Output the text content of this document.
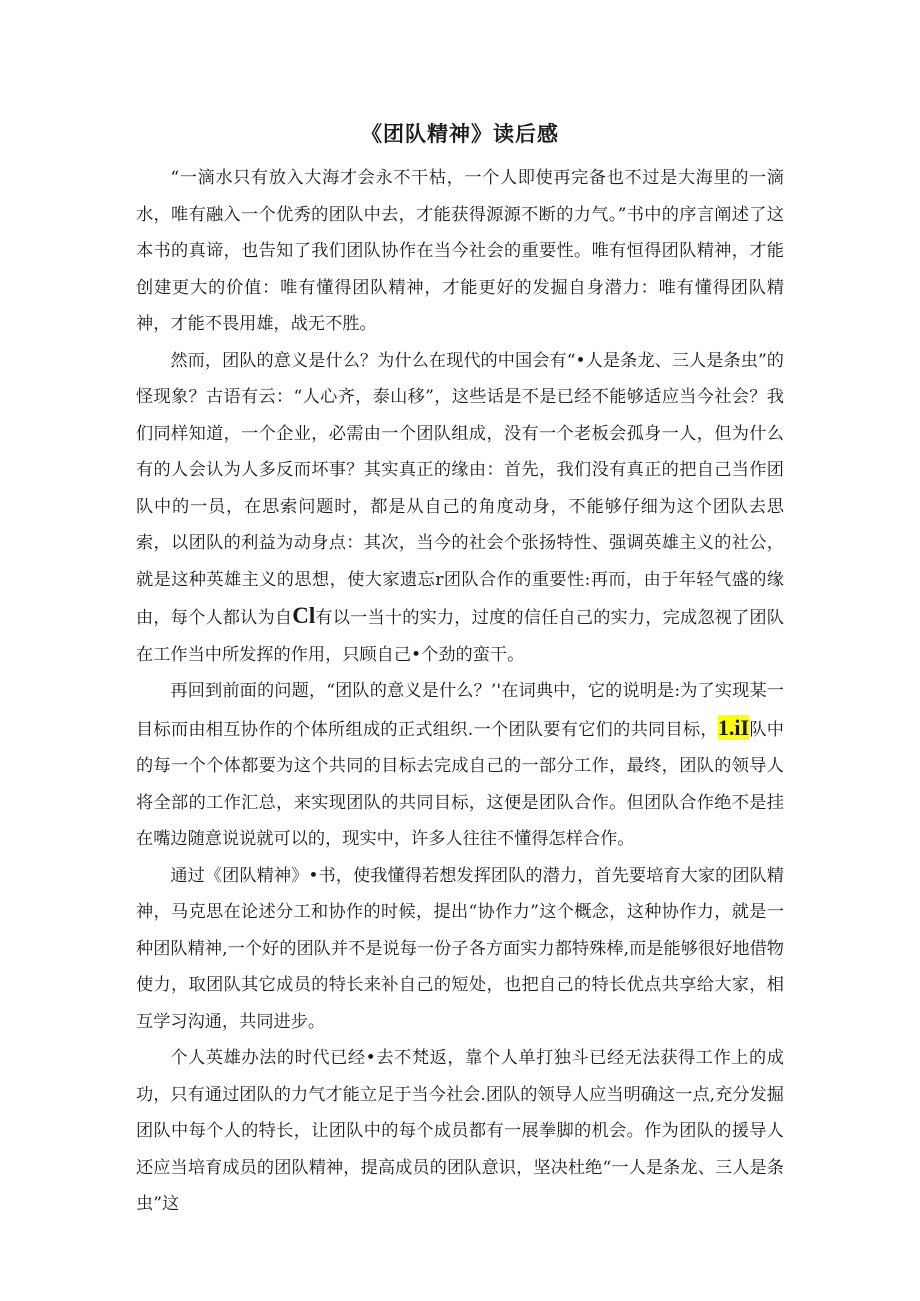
《团队精神》读后感

“一滴水只有放入大海才会永不干枯，一个人即使再完备也不过是大海里的一滴水，唯有融入一个优秀的团队中去，才能获得源源不断的力气。”书中的序言阐述了这本书的真谛，也告知了我们团队协作在当今社会的重要性。唯有恒得团队精神，才能创建更大的价值：唯有懂得团队精神，才能更好的发掘自身潜力：唯有懂得团队精神，才能不畏用雄，战无不胜。

然而，团队的意义是什么？为什么在现代的中国会有“•人是条龙、三人是条虫”的怪现象？古语有云：“人心齐，泰山移”，这些话是不是已经不能够适应当今社会？我们同样知道，一个企业，必需由一个团队组成，没有一个老板会孤身一人，但为什么有的人会认为人多反而坏事？其实真正的缘由：首先，我们没有真正的把自己当作团队中的一员，在思索问题时，都是从自己的角度动身，不能够仔细为这个团队去思索，以团队的利益为动身点：其次，当今的社会个张扬特性、强调英雄主义的社公，就是这种英雄主义的思想，使大家遗忘r团队合作的重要性:再而，由于年轻气盛的缘由，每个人都认为自Cl有以一当十的实力，过度的信任自己的实力，完成忽视了团队在工作当中所发挥的作用，只顾自己•个劲的蛮干。

再回到前面的问题，“团队的意义是什么？’'在词典中，它的说明是:为了实现某一目标而由相互协作的个体所组成的正式组织.一个团队要有它们的共同目标，1.iI队中的每一个个体都要为这个共同的目标去完成自己的一部分工作，最终，团队的领导人将全部的工作汇总，来实现团队的共同目标，这便是团队合作。但团队合作绝不是挂在嘴边随意说说就可以的，现实中，许多人往往不懂得怎样合作。

通过《团队精神》•书，使我懂得若想发挥团队的潜力，首先要培育大家的团队精神，马克思在论述分工和协作的时候，提出“协作力”这个概念，这种协作力，就是一种团队精神,一个好的团队并不是说每一份子各方面实力都特殊棒,而是能够很好地借物使力，取团队其它成员的特长来补自己的短处，也把自己的特长优点共享给大家，相互学习沟通，共同进步。

个人英雄办法的时代已经•去不梵返，靠个人单打独斗已经无法获得工作上的成功，只有通过团队的力气才能立足于当今社会.团队的领导人应当明确这一点,充分发掘团队中每个人的特长，让团队中的每个成员都有一展拳脚的机会。作为团队的援导人还应当培育成员的团队精神，提高成员的团队意识，坚决杜绝“一人是条龙、三人是条虫”这
